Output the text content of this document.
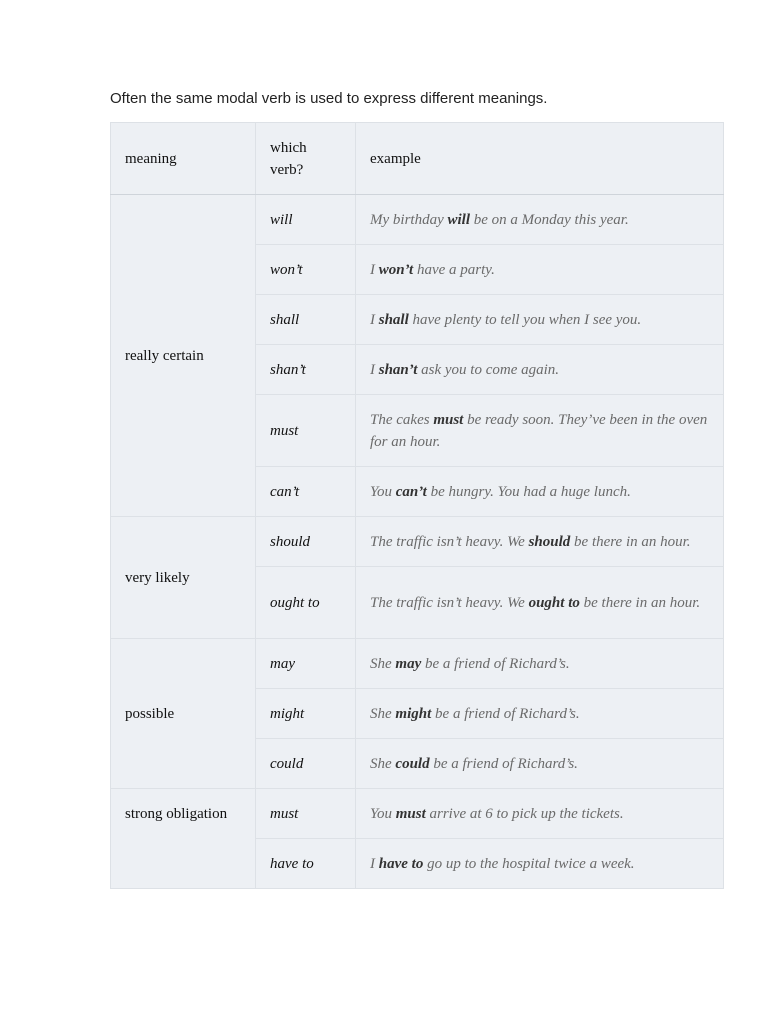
Often the same modal verb is used to express different meanings.

meaning	which verb?	example
really certain	will	My birthday will be on a Monday this year.
	won’t	I won’t have a party.
	shall	I shall have plenty to tell you when I see you.
	shan’t	I shan’t ask you to come again.
	must	The cakes must be ready soon. They’ve been in the oven for an hour.
	can’t	You can’t be hungry. You had a huge lunch.
very likely	should	The traffic isn’t heavy. We should be there in an hour.
	ought to	The traffic isn’t heavy. We ought to be there in an hour.
possible	may	She may be a friend of Richard’s.
	might	She might be a friend of Richard’s.
	could	She could be a friend of Richard’s.
strong obligation	must	You must arrive at 6 to pick up the tickets.
	have to	I have to go up to the hospital twice a week.
